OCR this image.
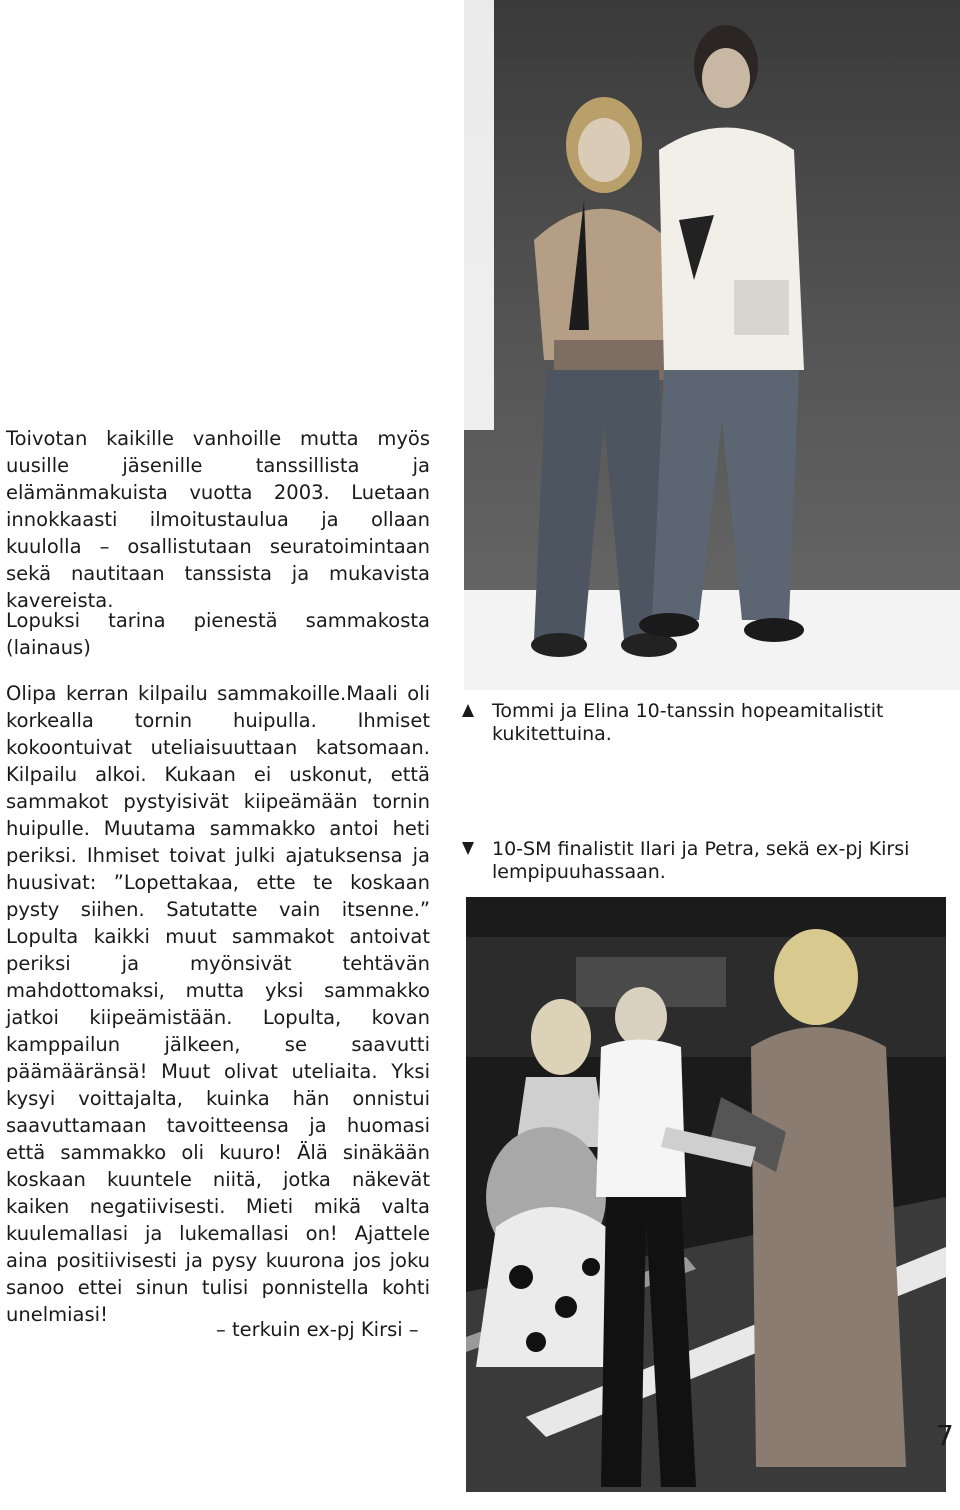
Toivotan kaikille vanhoille mutta myös uusille jäsenille tanssillista ja elämänmakuista vuotta 2003. Luetaan innokkaasti ilmoitustaulua ja ollaan kuulolla – osallistutaan seuratoimintaan sekä nautitaan tanssista ja mukavista kavereista.

Lopuksi tarina pienestä sammakosta (lainaus)

Olipa kerran kilpailu sammakoille.Maali oli korkealla tornin huipulla. Ihmiset kokoontuivat uteliaisuuttaan katsomaan. Kilpailu alkoi. Kukaan ei uskonut, että sammakot pystyisivät kiipeämään tornin huipulle. Muutama sammakko antoi heti periksi. Ihmiset toivat julki ajatuksensa ja huusivat: ”Lopettakaa, ette te koskaan pysty siihen. Satutatte vain itsenne.” Lopulta kaikki muut sammakot antoivat periksi ja myönsivät tehtävän mahdottomaksi, mutta yksi sammakko jatkoi kiipeämistään. Lopulta, kovan kamppailun jälkeen, se saavutti päämääränsä! Muut olivat uteliaita. Yksi kysyi voittajalta, kuinka hän onnistui saavuttamaan tavoitteensa ja huomasi että sammakko oli kuuro! Älä sinäkään koskaan kuuntele niitä, jotka näkevät kaiken negatiivisesti. Mieti mikä valta kuulemallasi ja lukemallasi on! Ajattele aina positiivisesti ja pysy kuurona jos joku sanoo ettei sinun tulisi ponnistella kohti unelmiasi!

– terkuin ex-pj Kirsi –
Tommi ja Elina 10-tanssin hopeamitalistit kukitettuina.
10-SM finalistit Ilari ja Petra, sekä ex-pj Kirsi lempipuuhassaan.
7
